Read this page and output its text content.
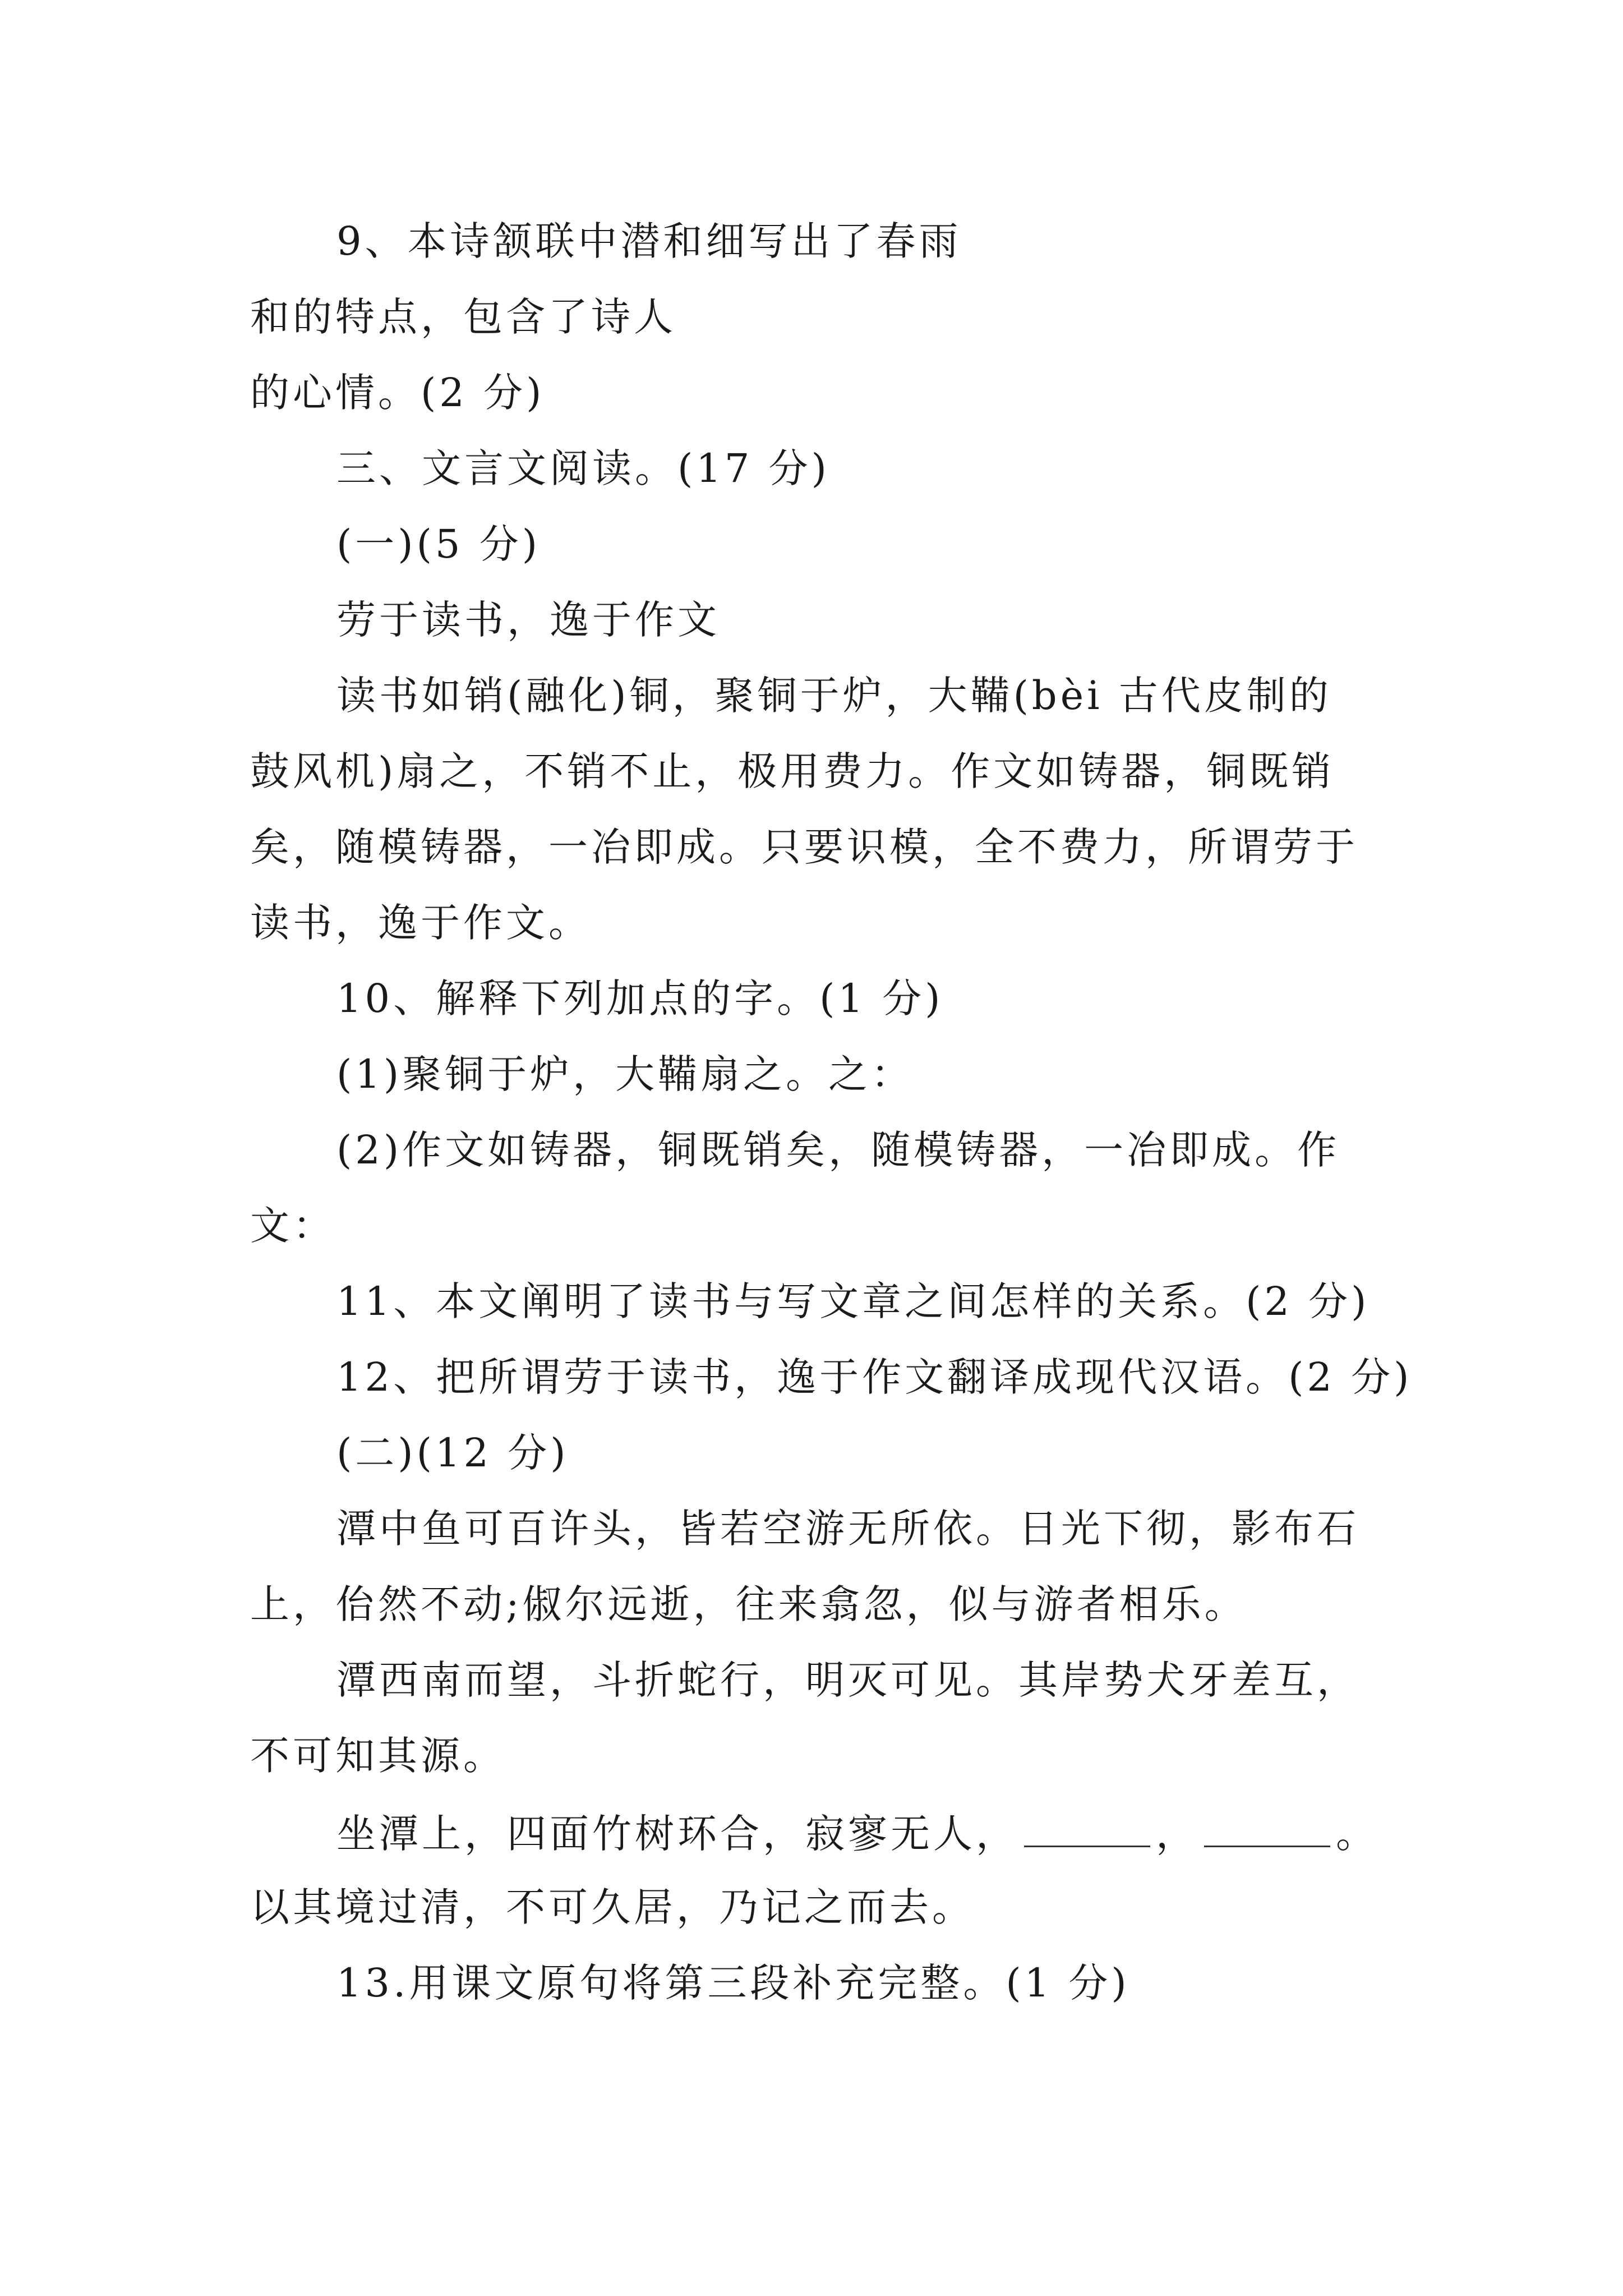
9、本诗颔联中潜和细写出了春雨
和的特点，包含了诗人
的心情。(2 分)
三、文言文阅读。(17 分)
(一)(5 分)
劳于读书，逸于作文
读书如销(融化)铜，聚铜于炉，大鞴(bèi 古代皮制的
鼓风机)扇之，不销不止，极用费力。作文如铸器，铜既销
矣，随模铸器，一冶即成。只要识模，全不费力，所谓劳于
读书，逸于作文。
10、解释下列加点的字。(1 分)
(1)聚铜于炉，大鞴扇之。之：
(2)作文如铸器，铜既销矣，随模铸器，一冶即成。作
文：
11、本文阐明了读书与写文章之间怎样的关系。(2 分)
12、把所谓劳于读书，逸于作文翻译成现代汉语。(2 分)
(二)(12 分)
潭中鱼可百许头，皆若空游无所依。日光下彻，影布石
上，佁然不动;俶尔远逝，往来翕忽，似与游者相乐。
潭西南而望，斗折蛇行，明灭可见。其岸势犬牙差互，
不可知其源。
坐潭上，四面竹树环合，寂寥无人，	，	。
以其境过清，不可久居，乃记之而去。
13.用课文原句将第三段补充完整。(1 分)
